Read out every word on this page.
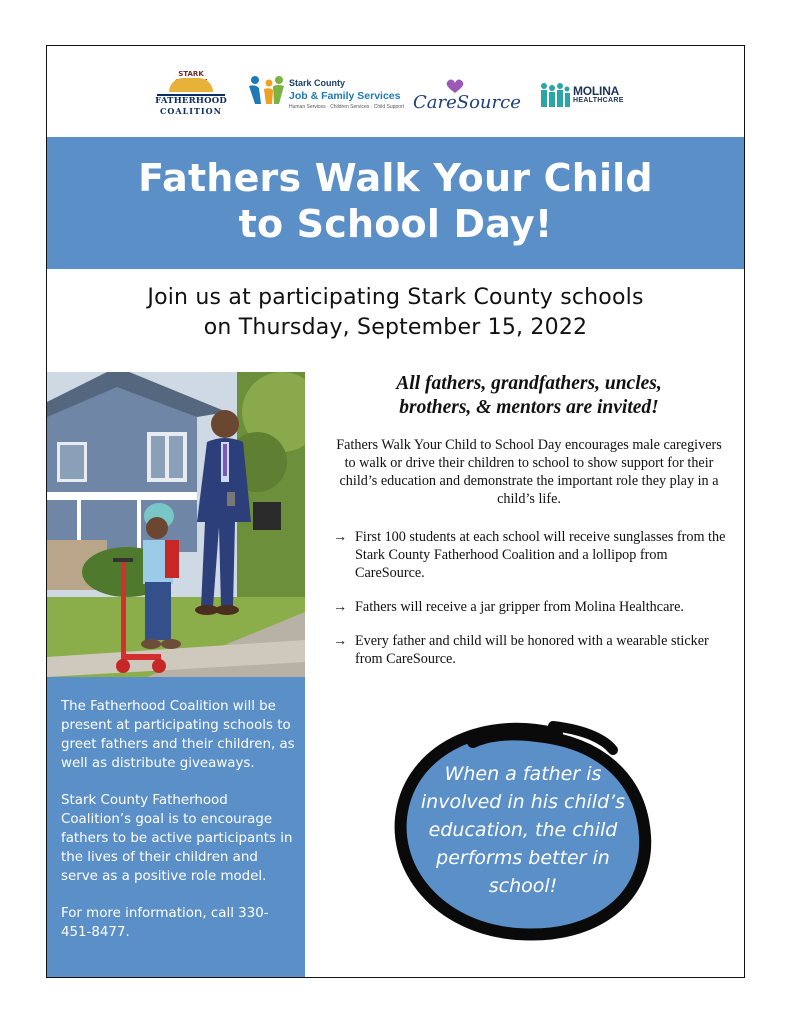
STARK
FATHERHOOD
COALITION
Stark County
Job & Family Services
Human Services · Children Services · Child Support CareSource
MOLINA
HEALTHCARE
Fathers Walk Your Child
to School Day!
Join us at participating Stark County schools
on Thursday, September 15, 2022

The Fatherhood Coalition will be present at participating schools to greet fathers and their children, as well as distribute giveaways.

Stark County Fatherhood Coalition’s goal is to encourage fathers to be active participants in the lives of their children and serve as a positive role model.

For more information, call 330-451-8477.

All fathers, grandfathers, uncles,
brothers, & mentors are invited!
Fathers Walk Your Child to School Day encourages male caregivers to walk or drive their children to school to show support for their child’s education and demonstrate the important role they play in a child’s life.
→ First 100 students at each school will receive sunglasses from the Stark County Fatherhood Coalition and a lollipop from CareSource.
→ Fathers will receive a jar gripper from Molina Healthcare.
→ Every father and child will be honored with a wearable sticker from CareSource.
When a father is involved in his child’s education, the child performs better in school!
